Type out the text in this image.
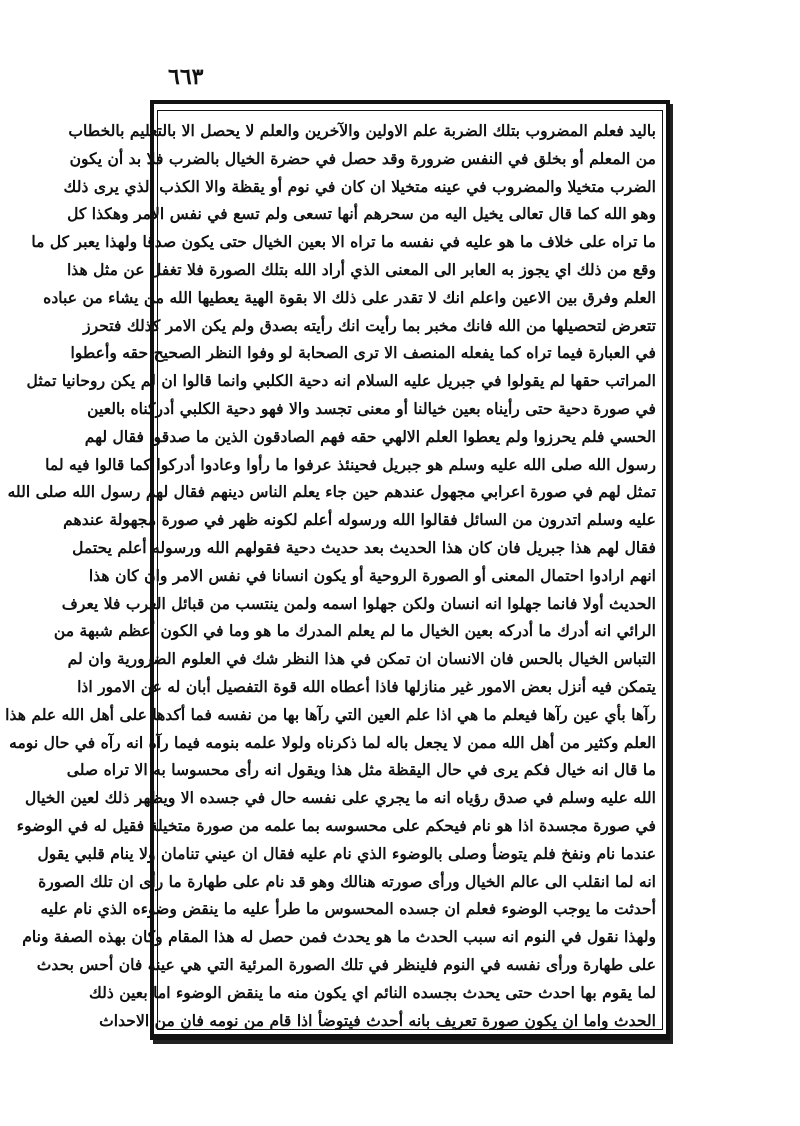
٦٦٣
باليد فعلم المضروب بتلك الضربة علم الاولين والآخرين والعلم لا يحصل الا بالتعليم بالخطاب
من المعلم أو بخلق في النفس ضرورة وقد حصل في حضرة الخيال بالضرب فلا بد أن يكون
الضرب متخيلا والمضروب في عينه متخيلا ان كان في نوم أو يقظة والا الكذب الذي يرى ذلك
وهو الله كما قال تعالى يخيل اليه من سحرهم أنها تسعى ولم تسع في نفس الامر وهكذا كل
ما تراه على خلاف ما هو عليه في نفسه ما تراه الا بعين الخيال حتى يكون صدقا ولهذا يعبر كل ما
وقع من ذلك اي يجوز به العابر الى المعنى الذي أراد الله بتلك الصورة فلا تغفل عن مثل هذا
العلم وفرق بين الاعين واعلم انك لا تقدر على ذلك الا بقوة الهية يعطيها الله من يشاء من عباده
تتعرض لتحصيلها من الله فانك مخبر بما رأيت انك رأيته بصدق ولم يكن الامر كذلك فتحرز
في العبارة فيما تراه كما يفعله المنصف الا ترى الصحابة لو وفوا النظر الصحيح حقه وأعطوا
المراتب حقها لم يقولوا في جبريل عليه السلام انه دحية الكلبي وانما قالوا ان لم يكن روحانيا تمثل
في صورة دحية حتى رأيناه بعين خيالنا أو معنى تجسد والا فهو دحية الكلبي أدركناه بالعين
الحسي فلم يحرزوا ولم يعطوا العلم الالهي حقه فهم الصادقون الذين ما صدقوا فقال لهم
رسول الله صلى الله عليه وسلم هو جبريل فحينئذ عرفوا ما رأوا وعادوا أدركوا كما قالوا فيه لما
تمثل لهم في صورة اعرابي مجهول عندهم حين جاء يعلم الناس دينهم فقال لهم رسول الله صلى الله
عليه وسلم اتدرون من السائل فقالوا الله ورسوله أعلم لكونه ظهر في صورة مجهولة عندهم
فقال لهم هذا جبريل فان كان هذا الحديث بعد حديث دحية فقولهم الله ورسوله أعلم يحتمل
انهم ارادوا احتمال المعنى أو الصورة الروحية أو يكون انسانا في نفس الامر وان كان هذا
الحديث أولا فانما جهلوا انه انسان ولكن جهلوا اسمه ولمن ينتسب من قبائل العرب فلا يعرف
الرائي انه أدرك ما أدركه بعين الخيال ما لم يعلم المدرك ما هو وما في الكون أعظم شبهة من
التباس الخيال بالحس فان الانسان ان تمكن في هذا النظر شك في العلوم الضرورية وان لم
يتمكن فيه أنزل بعض الامور غير منازلها فاذا أعطاه الله قوة التفصيل أبان له عن الامور اذا
رآها بأي عين رآها فيعلم ما هي اذا علم العين التي رآها بها من نفسه فما أكدها على أهل الله علم هذا
العلم وكثير من أهل الله ممن لا يجعل باله لما ذكرناه ولولا علمه بنومه فيما رآه انه رآه في حال نومه
ما قال انه خيال فكم يرى في حال اليقظة مثل هذا ويقول انه رأى محسوسا به الا تراه صلى
الله عليه وسلم في صدق رؤياه انه ما يجري على نفسه حال في جسده الا ويظهر ذلك لعين الخيال
في صورة مجسدة اذا هو نام فيحكم على محسوسه بما علمه من صورة متخيلة فقيل له في الوضوء
عندما نام ونفخ فلم يتوضأ وصلى بالوضوء الذي نام عليه فقال ان عيني تنامان ولا ينام قلبي يقول
انه لما انقلب الى عالم الخيال ورأى صورته هنالك وهو قد نام على طهارة ما رأى ان تلك الصورة
أحدثت ما يوجب الوضوء فعلم ان جسده المحسوس ما طرأ عليه ما ينقض وضوءه الذي نام عليه
ولهذا نقول في النوم انه سبب الحدث ما هو يحدث فمن حصل له هذا المقام وكان بهذه الصفة ونام
على طهارة ورأى نفسه في النوم فلينظر في تلك الصورة المرئية التي هي عينه فان أحس بحدث
لما يقوم بها احدث حتى يحدث بجسده النائم اي يكون منه ما ينقض الوضوء اما بعين ذلك
الحدث واما ان يكون صورة تعريف بانه أحدث فيتوضأ اذا قام من نومه فان من الاحداث
